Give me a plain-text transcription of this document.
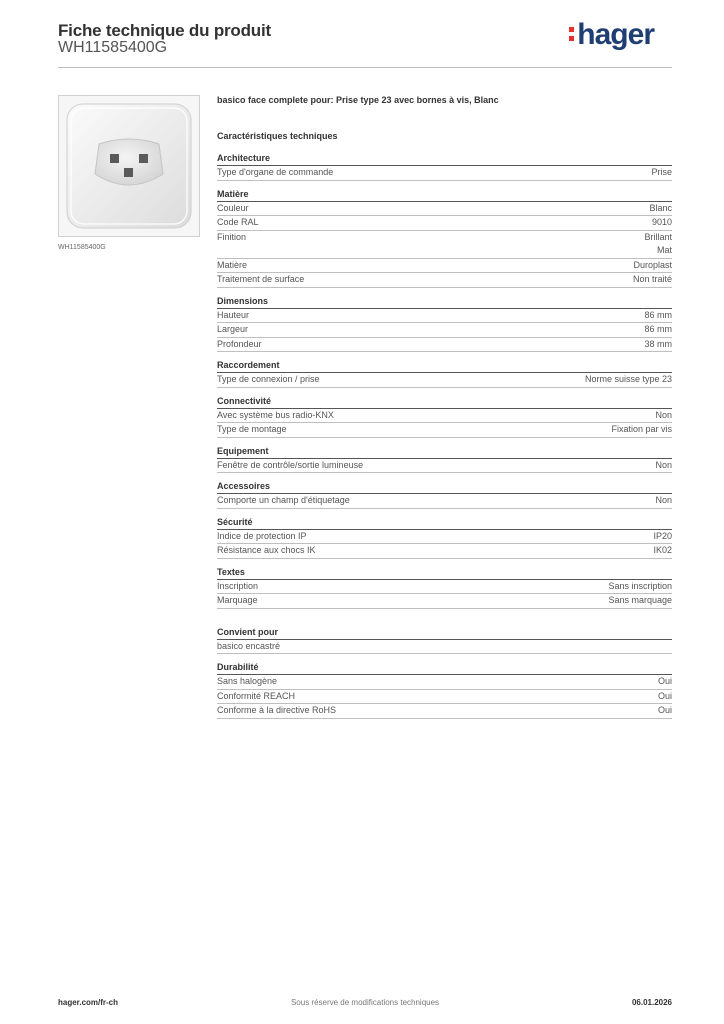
Fiche technique du produit
WH11585400G	hager
WH11585400G
basico face complete pour: Prise type 23 avec bornes à vis, Blanc
Caractéristiques techniques
Architecture
Type d'organe de commande	Prise
Matière
Couleur	Blanc
Code RAL	9010
Finition	Brillant
Mat
Matière	Duroplast
Traitement de surface	Non traité
Dimensions
Hauteur	86 mm
Largeur	86 mm
Profondeur	38 mm
Raccordement
Type de connexion / prise	Norme suisse type 23
Connectivité
Avec système bus radio-KNX	Non
Type de montage	Fixation par vis
Equipement
Fenêtre de contrôle/sortie lumineuse	Non
Accessoires
Comporte un champ d'étiquetage	Non
Sécurité
Indice de protection IP	IP20
Résistance aux chocs IK	IK02
Textes
Inscription	Sans inscription
Marquage	Sans marquage
Convient pour
basico encastré
Durabilité
Sans halogène	Oui
Conformité REACH	Oui
Conforme à la directive RoHS	Oui
Sous réserve de modifications techniques
hager.com/fr-ch	06.01.2026
